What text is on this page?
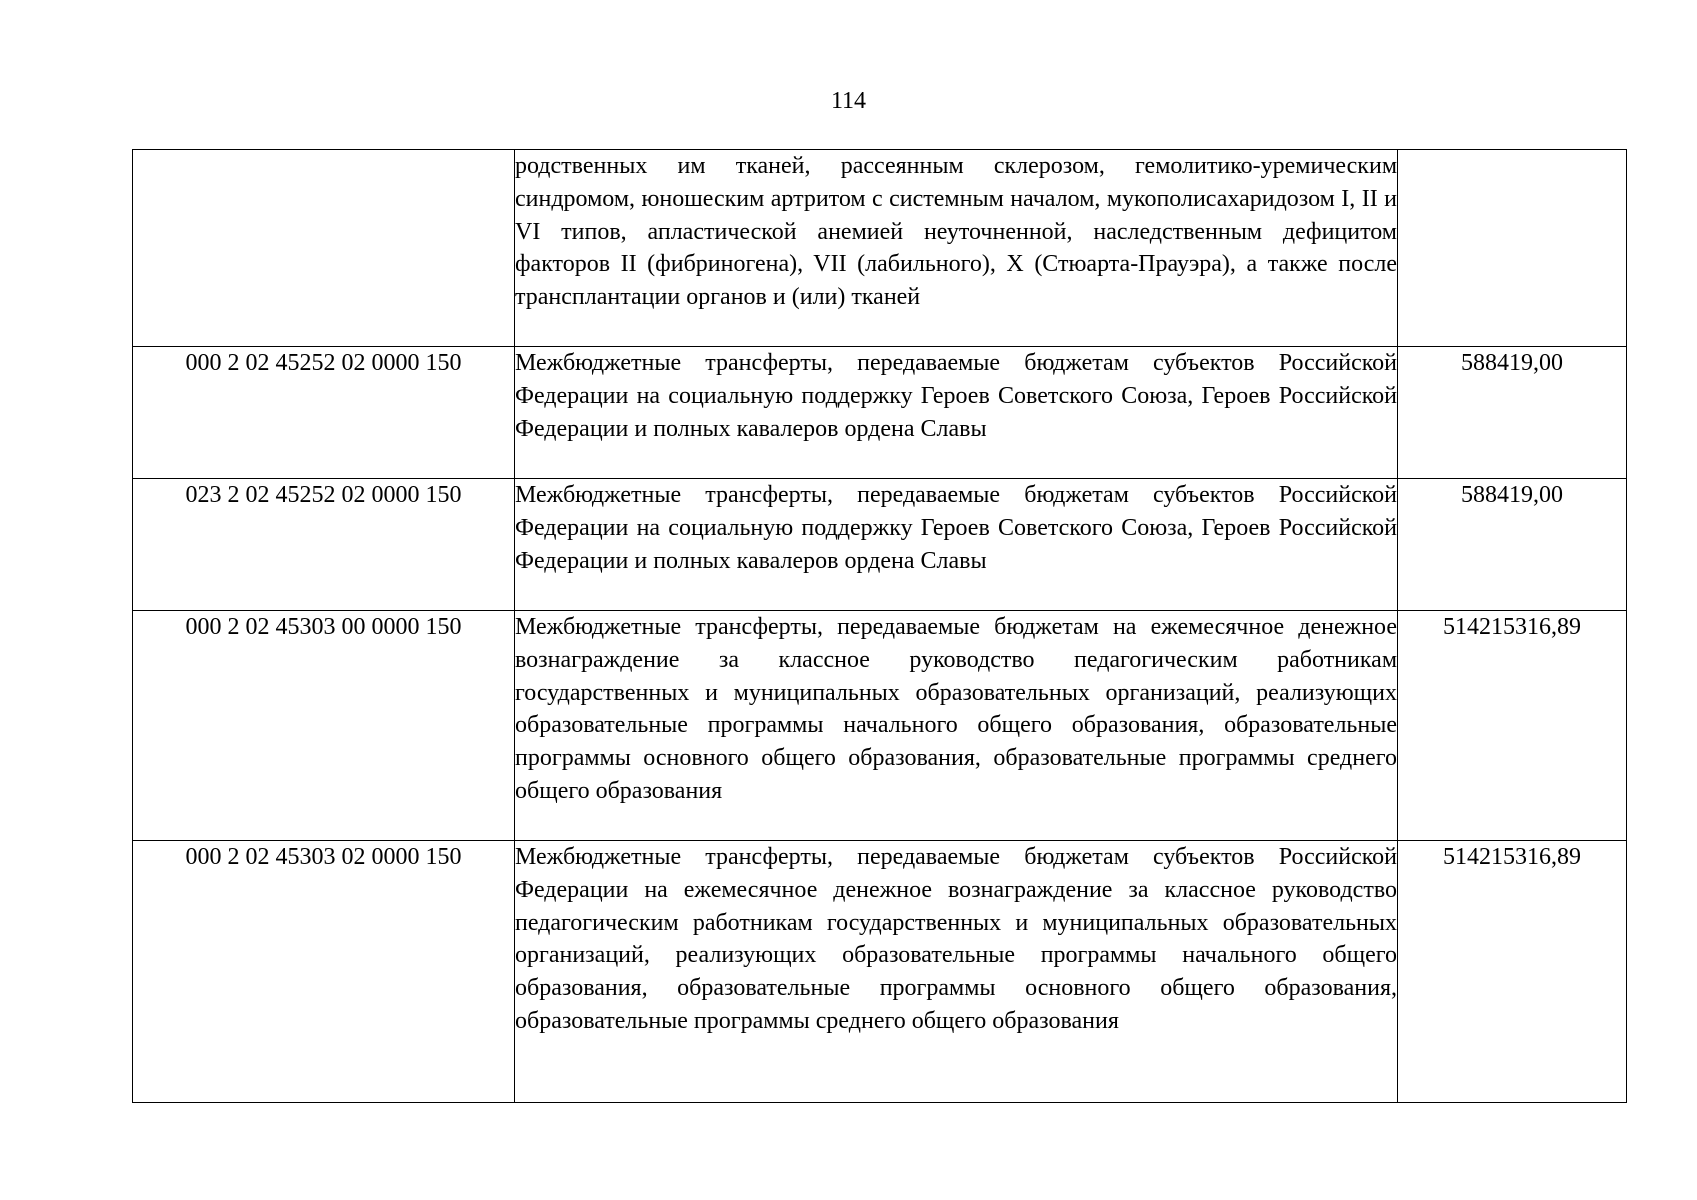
114
	родственных им тканей, рассеянным склерозом, гемолитико-уремическим синдромом, юношеским артритом с системным началом, мукополисахаридозом I, II и VI типов, апластической анемией неуточненной, наследственным дефицитом факторов II (фибриногена), VII (лабильного), X (Стюарта-Прауэра), а также после трансплантации органов и (или) тканей	
000 2 02 45252 02 0000 150	Межбюджетные трансферты, передаваемые бюджетам субъектов Российской Федерации на социальную поддержку Героев Советского Союза, Героев Российской Федерации и полных кавалеров ордена Славы	588419,00
023 2 02 45252 02 0000 150	Межбюджетные трансферты, передаваемые бюджетам субъектов Российской Федерации на социальную поддержку Героев Советского Союза, Героев Российской Федерации и полных кавалеров ордена Славы	588419,00
000 2 02 45303 00 0000 150	Межбюджетные трансферты, передаваемые бюджетам на ежемесячное денежное вознаграждение за классное руководство педагогическим работникам государственных и муниципальных образовательных организаций, реализующих образовательные программы начального общего образования, образовательные программы основного общего образования, образовательные программы среднего общего образования	514215316,89
000 2 02 45303 02 0000 150	Межбюджетные трансферты, передаваемые бюджетам субъектов Российской Федерации на ежемесячное денежное вознаграждение за классное руководство педагогическим работникам государственных и муниципальных образовательных организаций, реализующих образовательные программы начального общего образования, образовательные программы основного общего образования, образовательные программы среднего общего образования	514215316,89
